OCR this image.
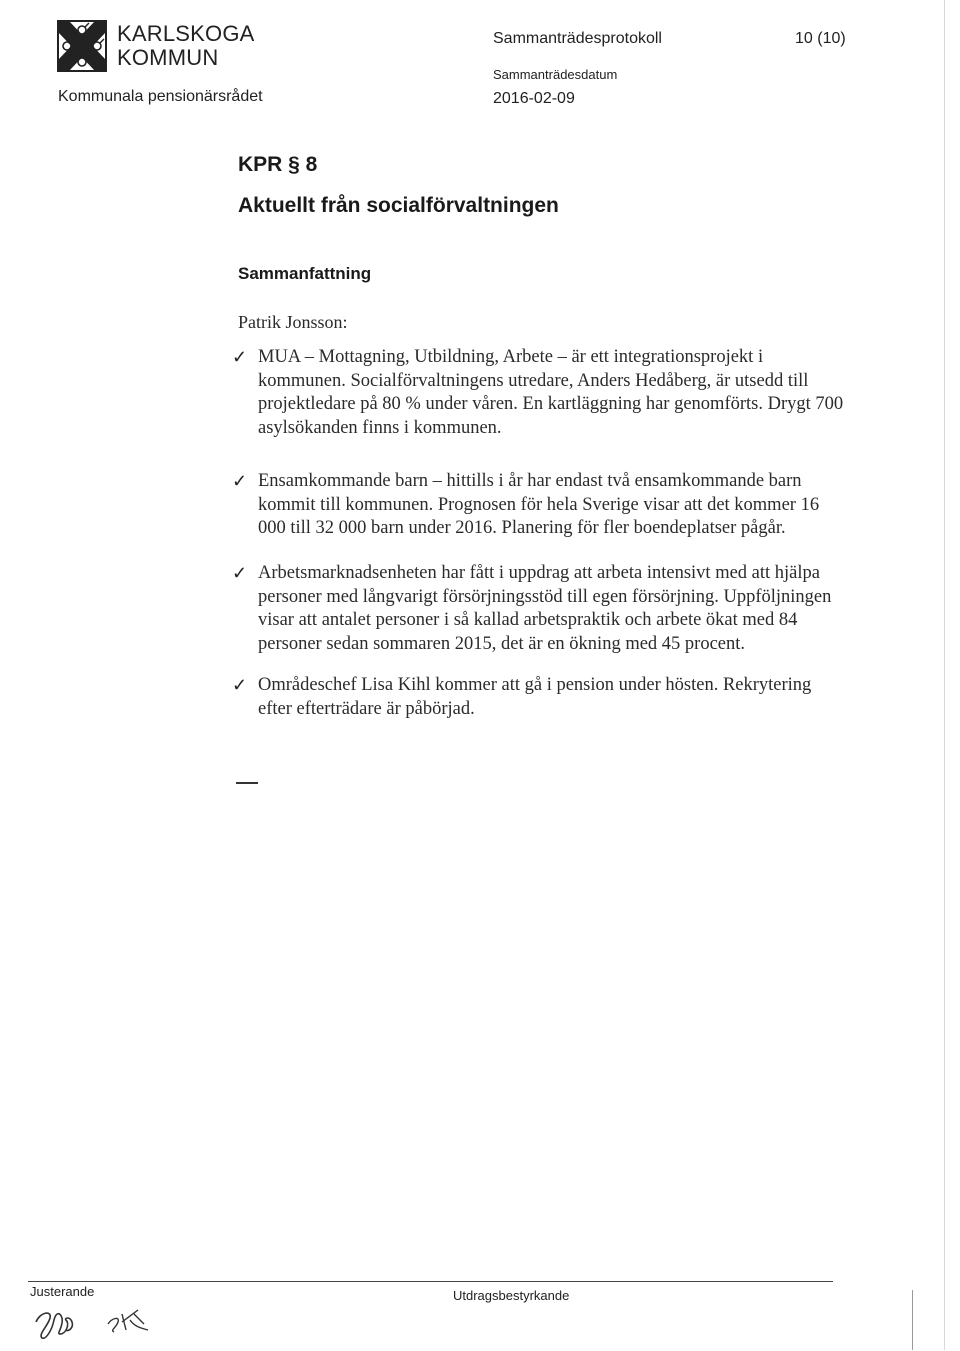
KARLSKOGA
KOMMUN
Kommunala pensionärsrådet
Sammanträdesprotokoll	10 (10)
Sammanträdesdatum
2016-02-09
KPR § 8
Aktuellt från socialförvaltningen
Sammanfattning
Patrik Jonsson:
✓ MUA – Mottagning, Utbildning, Arbete – är ett integrationsprojekt i kommunen. Socialförvaltningens utredare, Anders Hedåberg, är utsedd till projektledare på 80 % under våren. En kartläggning har genomförts. Drygt 700 asylsökanden finns i kommunen.
✓ Ensamkommande barn – hittills i år har endast två ensamkommande barn kommit till kommunen. Prognosen för hela Sverige visar att det kommer 16 000 till 32 000 barn under 2016. Planering för fler boendeplatser pågår.
✓ Arbetsmarknadsenheten har fått i uppdrag att arbeta intensivt med att hjälpa personer med långvarigt försörjningsstöd till egen försörjning. Uppföljningen visar att antalet personer i så kallad arbetspraktik och arbete ökat med 84 personer sedan sommaren 2015, det är en ökning med 45 procent.
✓ Områdeschef Lisa Kihl kommer att gå i pension under hösten. Rekrytering efter efterträdare är påbörjad.
Justerande	Utdragsbestyrkande
